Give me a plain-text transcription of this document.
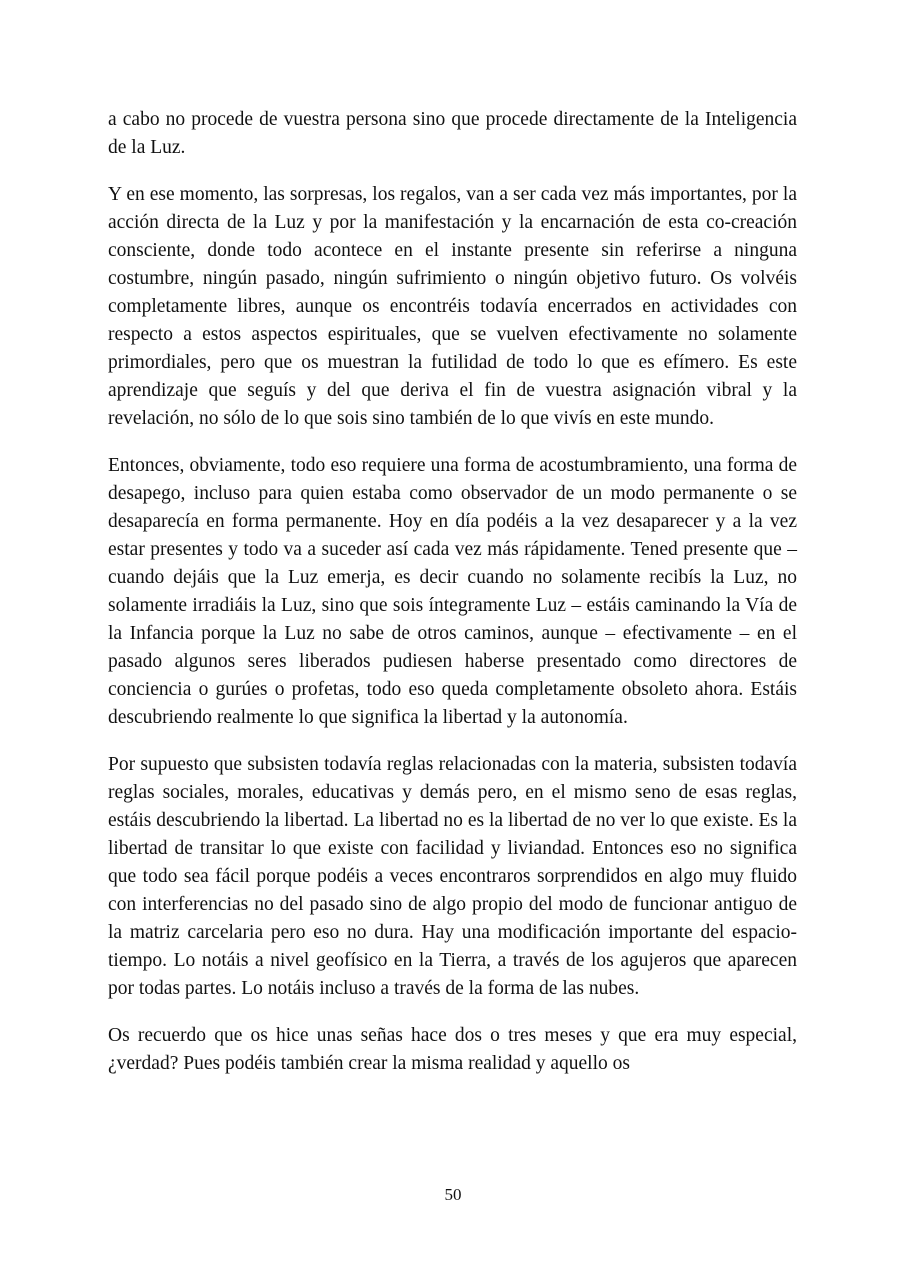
a cabo no procede de vuestra persona sino que procede directamente de la Inteligencia de la Luz.

Y en ese momento, las sorpresas, los regalos, van a ser cada vez más importantes, por la acción directa de la Luz y por la manifestación y la encarnación de esta co-creación consciente, donde todo acontece en el instante presente sin referirse a ninguna costumbre, ningún pasado, ningún sufrimiento o ningún objetivo futuro. Os volvéis completamente libres, aunque os encontréis todavía encerrados en actividades con respecto a estos aspectos espirituales, que se vuelven efectivamente no solamente primordiales, pero que os muestran la futilidad de todo lo que es efímero. Es este aprendizaje que seguís y del que deriva el fin de vuestra asignación vibral y la revelación, no sólo de lo que sois sino también de lo que vivís en este mundo.

Entonces, obviamente, todo eso requiere una forma de acostumbramiento, una forma de desapego, incluso para quien estaba como observador de un modo permanente o se desaparecía en forma permanente. Hoy en día podéis a la vez desaparecer y a la vez estar presentes y todo va a suceder así cada vez más rápidamente. Tened presente que – cuando dejáis que la Luz emerja, es decir cuando no solamente recibís la Luz, no solamente irradiáis la Luz, sino que sois íntegramente Luz – estáis caminando la Vía de la Infancia porque la Luz no sabe de otros caminos, aunque – efectivamente – en el pasado algunos seres liberados pudiesen haberse presentado como directores de conciencia o gurúes o profetas, todo eso queda completamente obsoleto ahora. Estáis descubriendo realmente lo que significa la libertad y la autonomía.

Por supuesto que subsisten todavía reglas relacionadas con la materia, subsisten todavía reglas sociales, morales, educativas y demás pero, en el mismo seno de esas reglas, estáis descubriendo la libertad. La libertad no es la libertad de no ver lo que existe. Es la libertad de transitar lo que existe con facilidad y liviandad. Entonces eso no significa que todo sea fácil porque podéis a veces encontraros sorprendidos en algo muy fluido con interferencias no del pasado sino de algo propio del modo de funcionar antiguo de la matriz carcelaria pero eso no dura. Hay una modificación importante del espacio-tiempo. Lo notáis a nivel geofísico en la Tierra, a través de los agujeros que aparecen por todas partes. Lo notáis incluso a través de la forma de las nubes.

Os recuerdo que os hice unas señas hace dos o tres meses y que era muy especial, ¿verdad? Pues podéis también crear la misma realidad y aquello os

50
